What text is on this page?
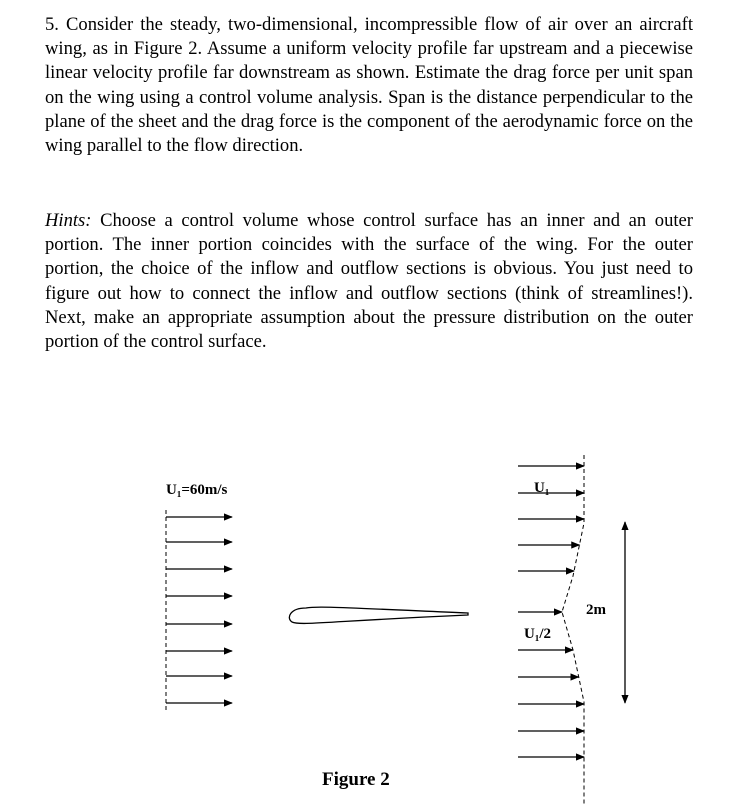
5. Consider the steady, two-dimensional, incompressible flow of air over an aircraft wing, as in Figure 2. Assume a uniform velocity profile far upstream and a piecewise linear velocity profile far downstream as shown. Estimate the drag force per unit span on the wing using a control volume analysis. Span is the distance perpendicular to the plane of the sheet and the drag force is the component of the aerodynamic force on the wing parallel to the flow direction.

Hints: Choose a control volume whose control surface has an inner and an outer portion. The inner portion coincides with the surface of the wing. For the outer portion, the choice of the inflow and outflow sections is obvious. You just need to figure out how to connect the inflow and outflow sections (think of streamlines!). Next, make an appropriate assumption about the pressure distribution on the outer portion of the control surface.

U₁=60m/s	U₁
U₁/2
2m
Figure 2
